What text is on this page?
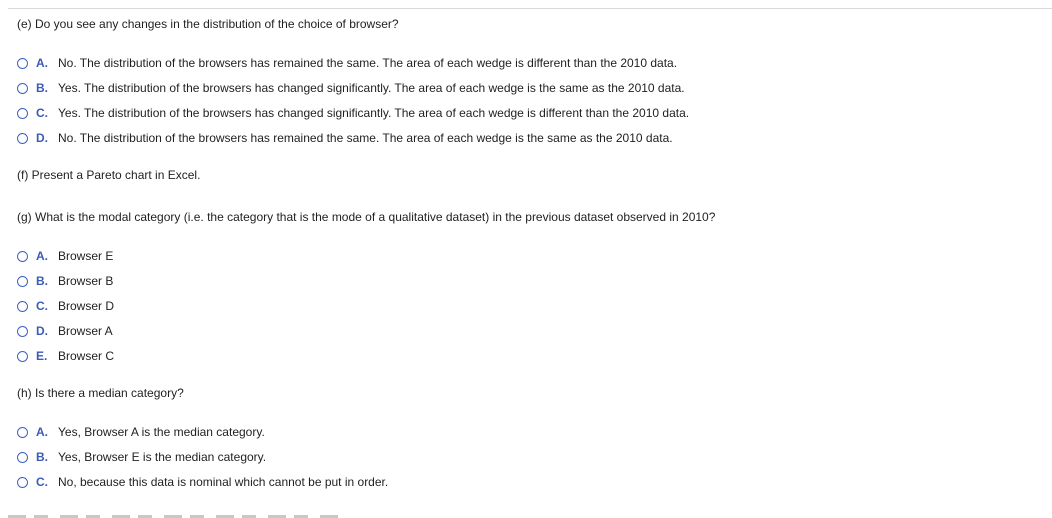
(e) Do you see any changes in the distribution of the choice of browser?

A. No. The distribution of the browsers has remained the same. The area of each wedge is different than the 2010 data.
B. Yes. The distribution of the browsers has changed significantly. The area of each wedge is the same as the 2010 data.
C. Yes. The distribution of the browsers has changed significantly. The area of each wedge is different than the 2010 data.
D. No. The distribution of the browsers has remained the same. The area of each wedge is the same as the 2010 data.

(f) Present a Pareto chart in Excel.

(g) What is the modal category (i.e. the category that is the mode of a qualitative dataset) in the previous dataset observed in 2010?

A. Browser E
B. Browser B
C. Browser D
D. Browser A
E. Browser C

(h) Is there a median category?

A. Yes, Browser A is the median category.
B. Yes, Browser E is the median category.
C. No, because this data is nominal which cannot be put in order.
